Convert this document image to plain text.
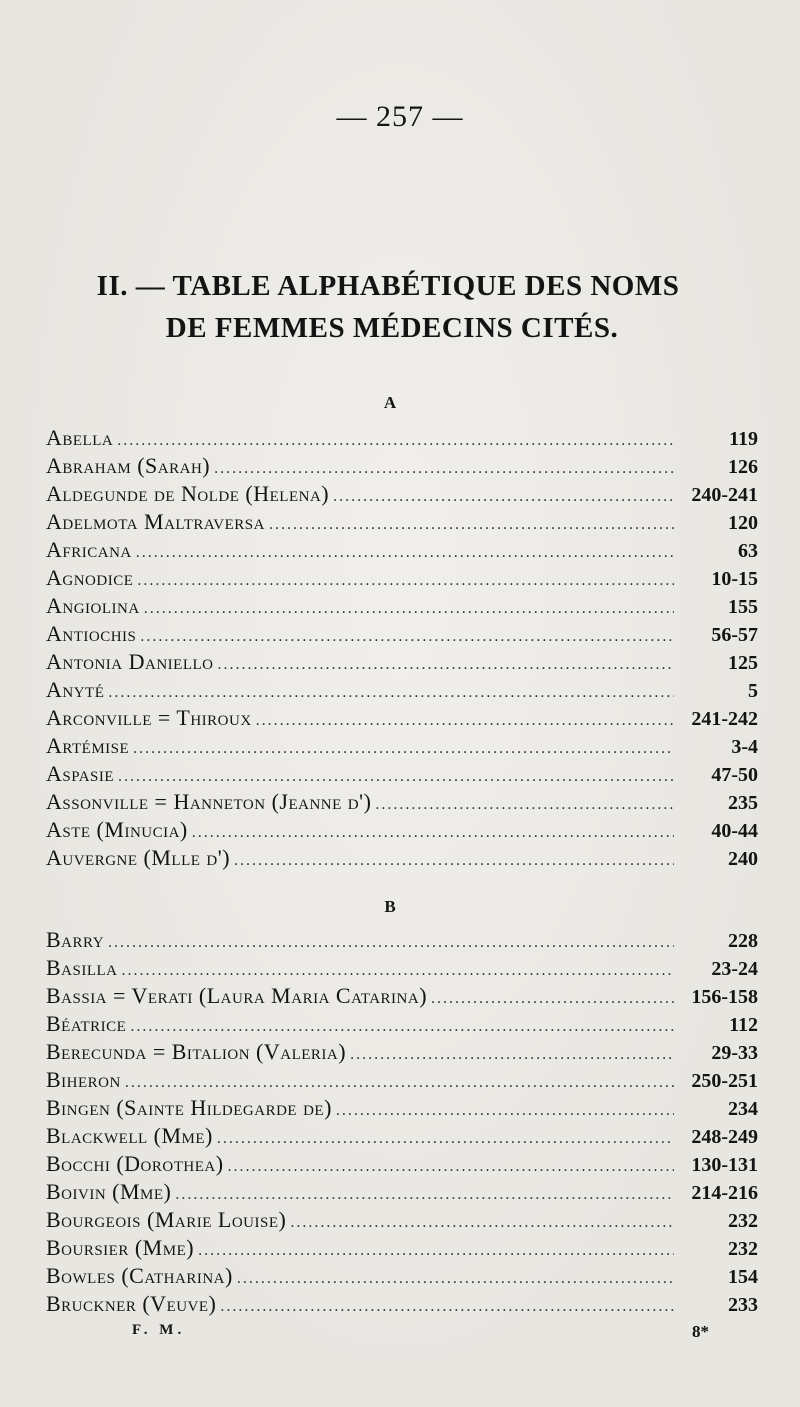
— 257 —
II. — TABLE ALPHABÉTIQUE DES NOMS
DE FEMMES MÉDECINS CITÉS.
A
Abella .....	119
Abraham (Sarah) .....	126
Aldegunde de Nolde (Helena) .....	240-241
Adelmota Maltraversa .....	120
Africana .....	63
Agnodice .....	10-15
Angiolina .....	155
Antiochis .....	56-57
Antonia Daniello .....	125
Anyté .....	5
Arconville = Thiroux .....	241-242
Artémise .....	3-4
Aspasie .....	47-50
Assonville = Hanneton (Jeanne d') .....	235
Aste (Minucia) .....	40-44
Auvergne (Mlle d') .....	240
B
Barry .....	228
Basilla .....	23-24
Bassia = Verati (Laura Maria Catarina) .....	156-158
Béatrice .....	112
Berecunda = Bitalion (Valeria) .....	29-33
Biheron .....	250-251
Bingen (Sainte Hildegarde de) .....	234
Blackwell (Mme) .....	248-249
Bocchi (Dorothea) .....	130-131
Boivin (Mme) .....	214-216
Bourgeois (Marie Louise) .....	232
Boursier (Mme) .....	232
Bowles (Catharina) .....	154
Bruckner (Veuve) .....	233
F. M.	8*
